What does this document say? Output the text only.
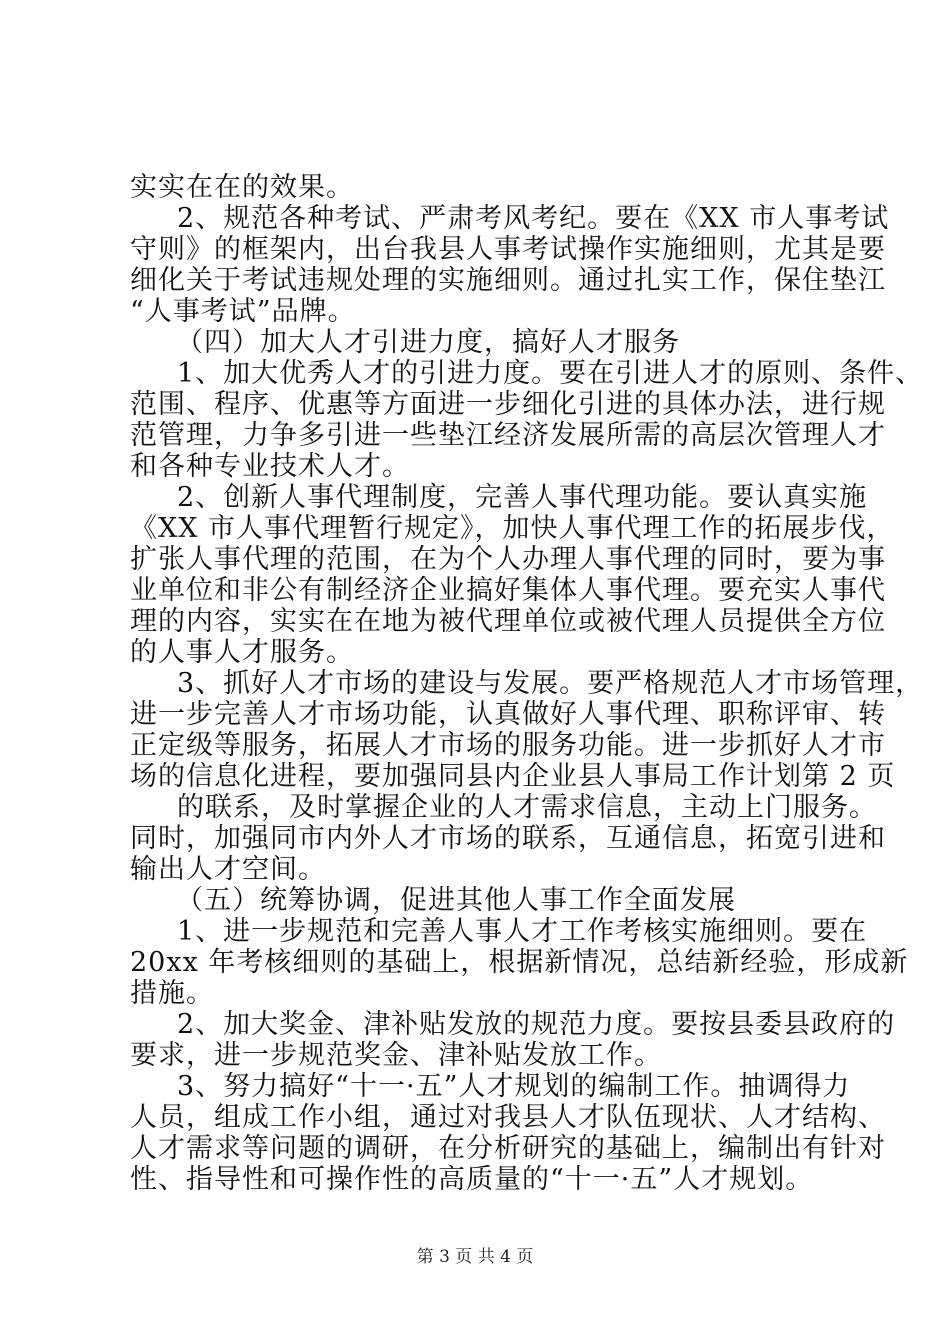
实实在在的效果。
2、规范各种考试、严肃考风考纪。要在《XX 市人事考试
守则》的框架内，出台我县人事考试操作实施细则，尤其是要
细化关于考试违规处理的实施细则。通过扎实工作，保住垫江
“人事考试”品牌。
（四）加大人才引进力度，搞好人才服务
1、加大优秀人才的引进力度。要在引进人才的原则、条件、
范围、程序、优惠等方面进一步细化引进的具体办法，进行规
范管理，力争多引进一些垫江经济发展所需的高层次管理人才
和各种专业技术人才。
2、创新人事代理制度，完善人事代理功能。要认真实施
《XX 市人事代理暂行规定》，加快人事代理工作的拓展步伐，
扩张人事代理的范围，在为个人办理人事代理的同时，要为事
业单位和非公有制经济企业搞好集体人事代理。要充实人事代
理的内容，实实在在地为被代理单位或被代理人员提供全方位
的人事人才服务。
3、抓好人才市场的建设与发展。要严格规范人才市场管理，
进一步完善人才市场功能，认真做好人事代理、职称评审、转
正定级等服务，拓展人才市场的服务功能。进一步抓好人才市
场的信息化进程，要加强同县内企业县人事局工作计划第 2 页
的联系，及时掌握企业的人才需求信息，主动上门服务。
同时，加强同市内外人才市场的联系，互通信息，拓宽引进和
输出人才空间。
（五）统筹协调，促进其他人事工作全面发展
1、进一步规范和完善人事人才工作考核实施细则。要在
20xx 年考核细则的基础上，根据新情况，总结新经验，形成新
措施。
2、加大奖金、津补贴发放的规范力度。要按县委县政府的
要求，进一步规范奖金、津补贴发放工作。
3、努力搞好“十一·五”人才规划的编制工作。抽调得力
人员，组成工作小组，通过对我县人才队伍现状、人才结构、
人才需求等问题的调研，在分析研究的基础上，编制出有针对
性、指导性和可操作性的高质量的“十一·五”人才规划。
第 3 页 共 4 页
